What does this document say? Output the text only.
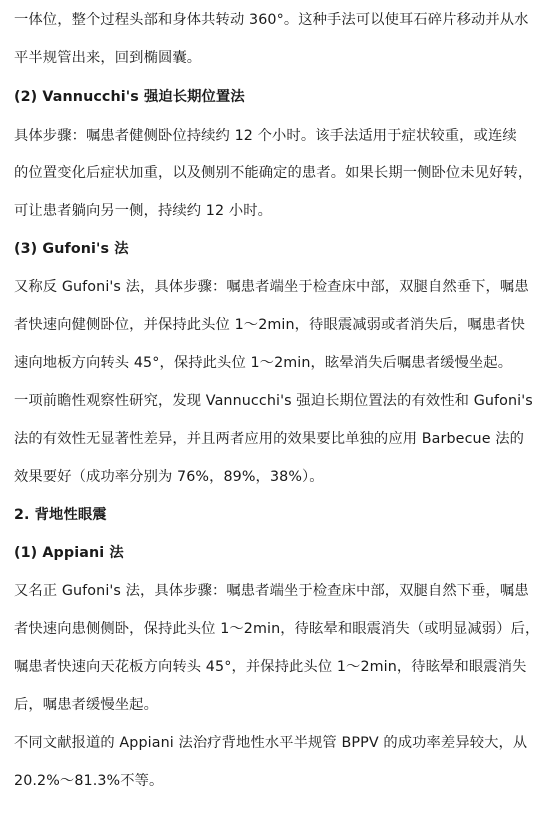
一体位，整个过程头部和身体共转动 360°。这种手法可以使耳石碎片移动并从水
平半规管出来，回到椭圆囊。
(2) Vannucchi's 强迫长期位置法
具体步骤：嘱患者健侧卧位持续约 12 个小时。该手法适用于症状较重，或连续
的位置变化后症状加重，以及侧别不能确定的患者。如果长期一侧卧位未见好转，
可让患者躺向另一侧，持续约 12 小时。
(3) Gufoni's 法
又称反 Gufoni's 法，具体步骤：嘱患者端坐于检查床中部，双腿自然垂下，嘱患
者快速向健侧卧位，并保持此头位 1～2min，待眼震减弱或者消失后，嘱患者快
速向地板方向转头 45°，保持此头位 1～2min，眩晕消失后嘱患者缓慢坐起。
一项前瞻性观察性研究，发现 Vannucchi's 强迫长期位置法的有效性和 Gufoni's
法的有效性无显著性差异，并且两者应用的效果要比单独的应用 Barbecue 法的
效果要好（成功率分别为 76%，89%，38%）。
2. 背地性眼震
(1) Appiani 法
又名正 Gufoni's 法，具体步骤：嘱患者端坐于检查床中部，双腿自然下垂，嘱患
者快速向患侧侧卧，保持此头位 1～2min，待眩晕和眼震消失（或明显减弱）后，
嘱患者快速向天花板方向转头 45°，并保持此头位 1～2min，待眩晕和眼震消失
后，嘱患者缓慢坐起。
不同文献报道的 Appiani 法治疗背地性水平半规管 BPPV 的成功率差异较大，从
20.2%～81.3%不等。
